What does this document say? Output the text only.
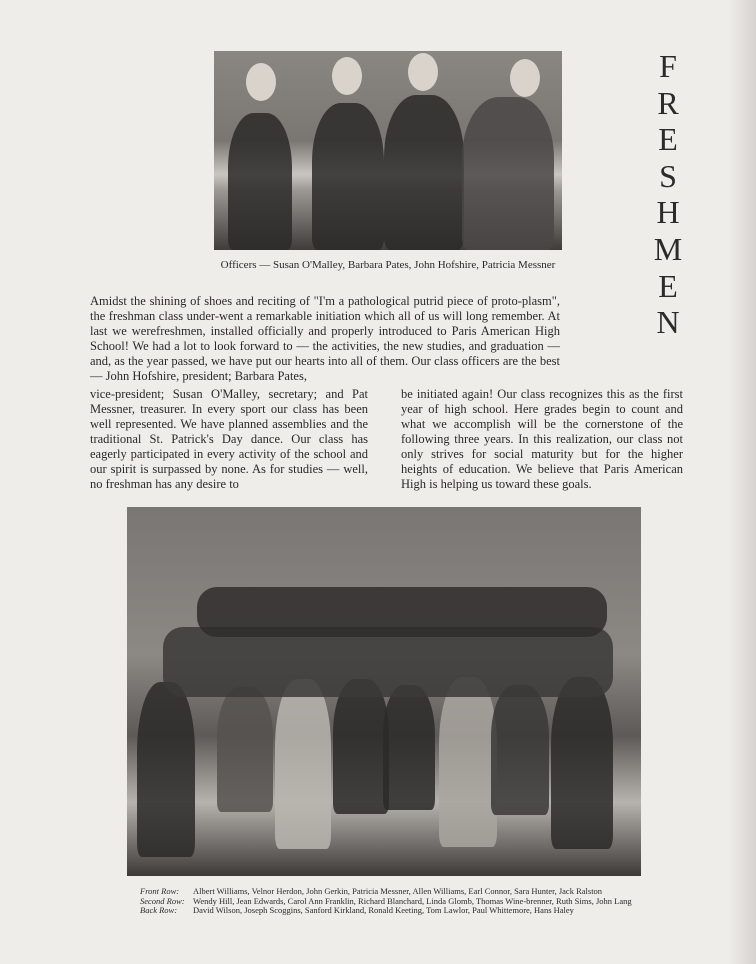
Officers — Susan O'Malley, Barbara Pates, John Hofshire, Patricia Messner
F
R
E
S
H
M
E
N
Amidst the shining of shoes and reciting of "I'm a pathological putrid piece of proto-plasm", the freshman class under-went a remarkable initiation which all of us will long remember. At last we werefreshmen, installed officially and properly introduced to Paris American High School! We had a lot to look forward to — the activities, the new studies, and graduation — and, as the year passed, we have put our hearts into all of them. Our class officers are the best — John Hofshire, president; Barbara Pates,
vice-president; Susan O'Malley, secretary; and Pat Messner, treasurer. In every sport our class has been well represented. We have planned assemblies and the traditional St. Patrick's Day dance. Our class has eagerly participated in every activity of the school and our spirit is surpassed by none. As for studies — well, no freshman has any desire to
be initiated again! Our class recognizes this as the first year of high school. Here grades begin to count and what we accomplish will be the cornerstone of the following three years. In this realization, our class not only strives for social maturity but for the higher heights of education. We believe that Paris American High is helping us toward these goals.
Front Row:	Albert Williams, Velnor Herdon, John Gerkin, Patricia Messner, Allen Williams, Earl Connor, Sara Hunter, Jack Ralston
Second Row: Wendy Hill, Jean Edwards, Carol Ann Franklin, Richard Blanchard, Linda Glomb, Thomas Wine-brenner, Ruth Sims, John Lang
Back Row:	David Wilson, Joseph Scoggins, Sanford Kirkland, Ronald Keeting, Tom Lawlor, Paul Whittemore, Hans Haley
